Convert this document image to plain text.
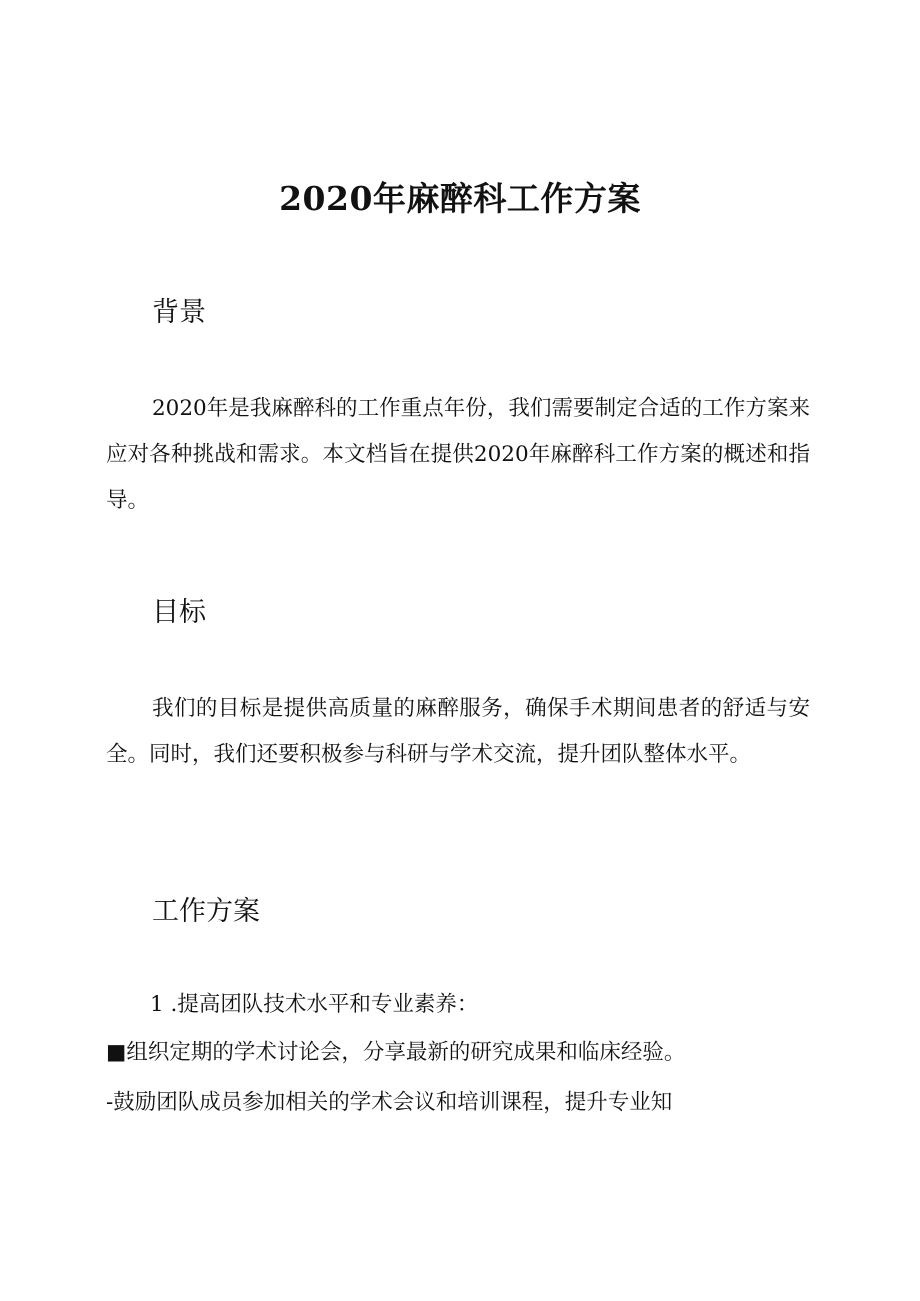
2020年麻醉科工作方案
背景

2020年是我麻醉科的工作重点年份，我们需要制定合适的工作方案来应对各种挑战和需求。本文档旨在提供2020年麻醉科工作方案的概述和指导。

目标

我们的目标是提供高质量的麻醉服务，确保手术期间患者的舒适与安全。同时，我们还要积极参与科研与学术交流，提升团队整体水平。

工作方案

1 .提高团队技术水平和专业素养：

■组织定期的学术讨论会，分享最新的研究成果和临床经验。

-鼓励团队成员参加相关的学术会议和培训课程，提升专业知
